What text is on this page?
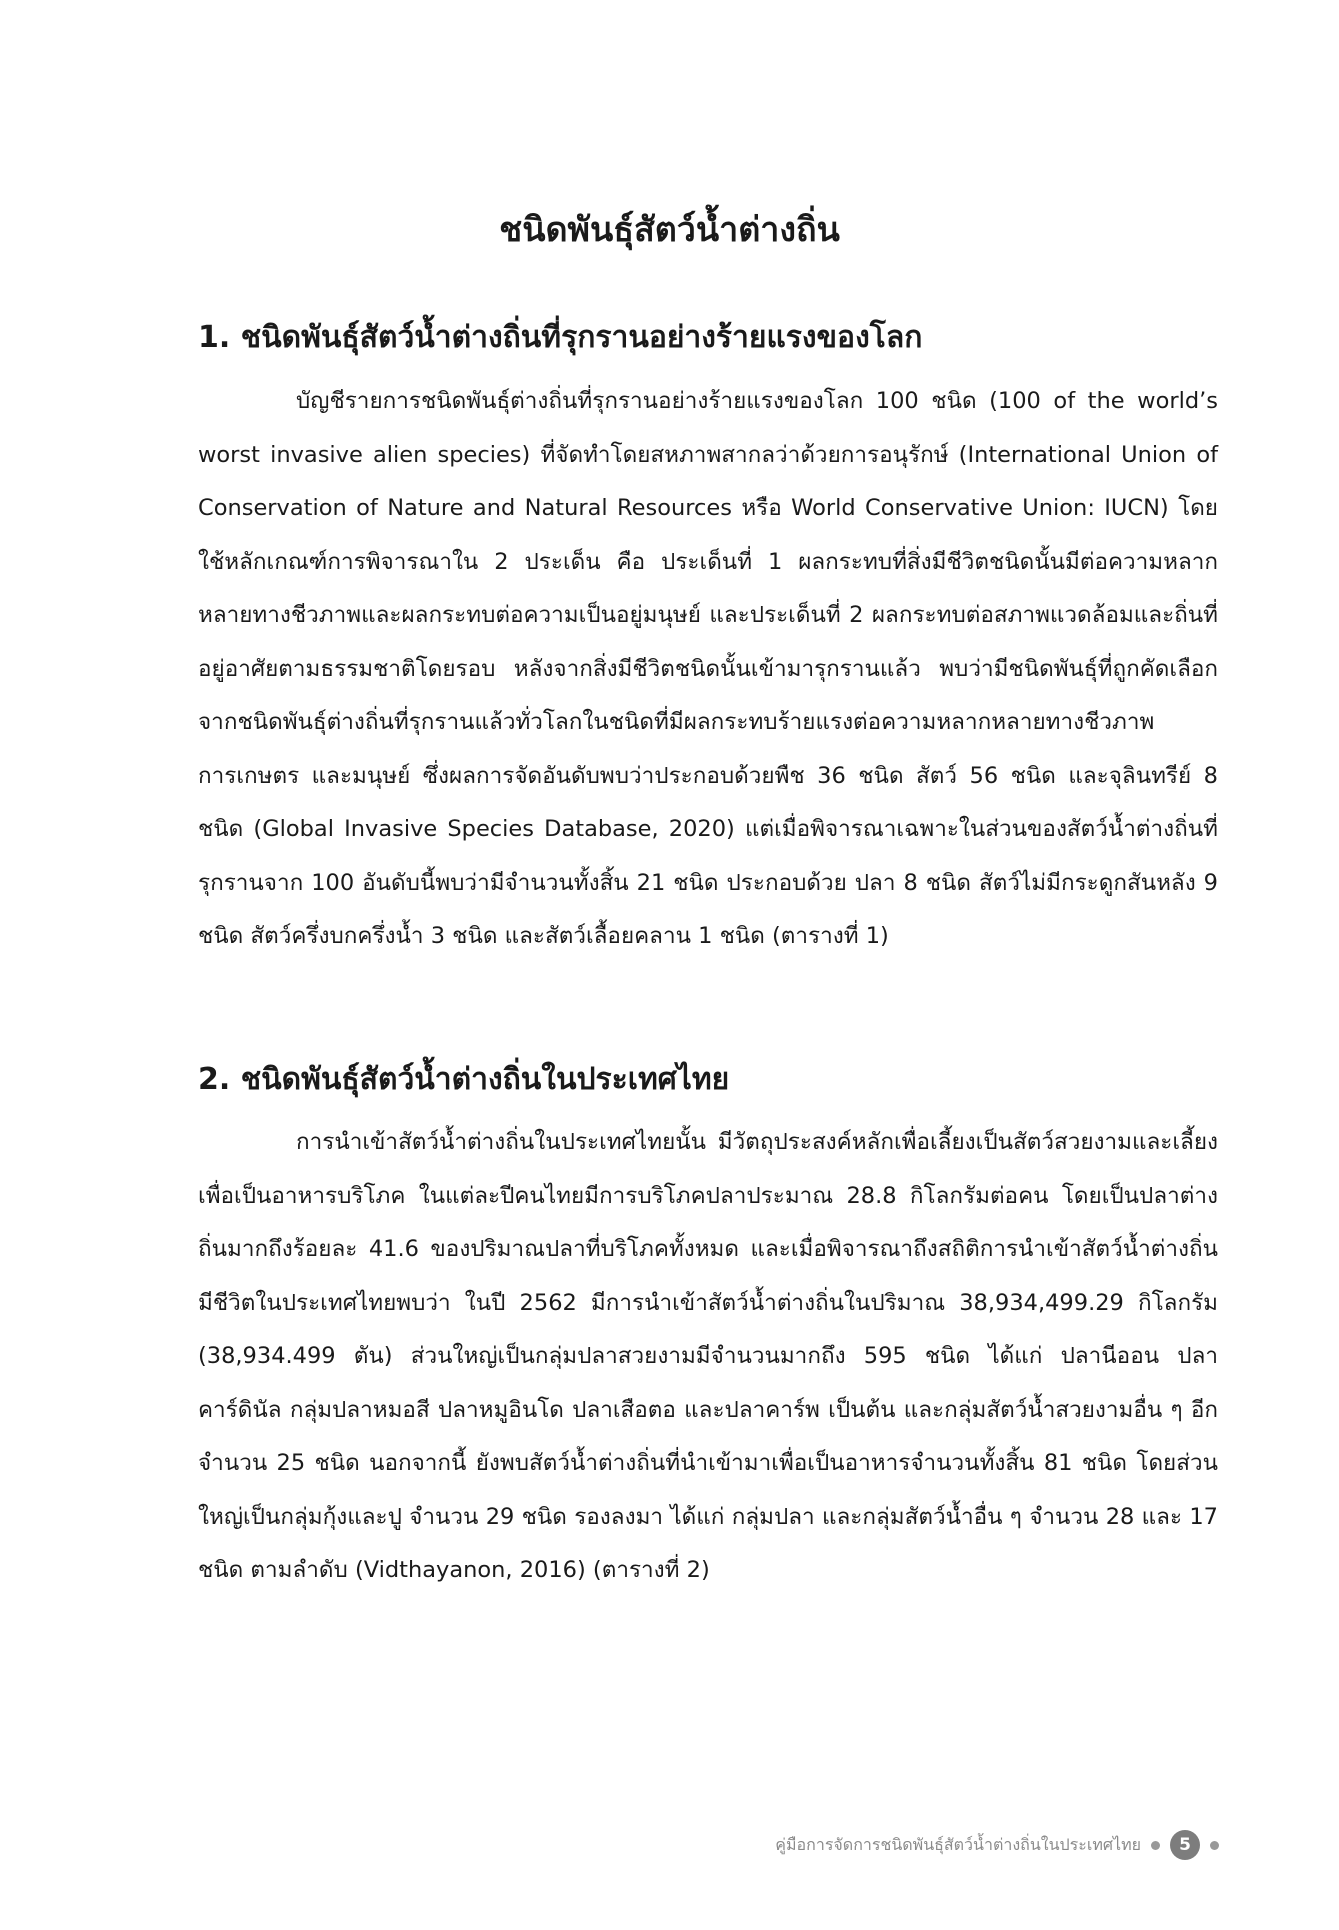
ชนิดพันธุ์สัตว์น้ำต่างถิ่น
1. ชนิดพันธุ์สัตว์น้ำต่างถิ่นที่รุกรานอย่างร้ายแรงของโลก

บัญชีรายการชนิดพันธุ์ต่างถิ่นที่รุกรานอย่างร้ายแรงของโลก 100 ชนิด (100 of the world’s worst invasive alien species) ที่จัดทำโดยสหภาพสากลว่าด้วยการอนุรักษ์ (International Union of Conservation of Nature and Natural Resources หรือ World Conservative Union: IUCN) โดยใช้หลักเกณฑ์การพิจารณาใน 2 ประเด็น คือ ประเด็นที่ 1 ผลกระทบที่สิ่งมีชีวิตชนิดนั้นมีต่อความหลากหลายทางชีวภาพและผลกระทบต่อความเป็นอยู่มนุษย์ และประเด็นที่ 2 ผลกระทบต่อสภาพแวดล้อมและถิ่นที่อยู่อาศัยตามธรรมชาติโดยรอบ หลังจากสิ่งมีชีวิตชนิดนั้นเข้ามารุกรานแล้ว พบว่ามีชนิดพันธุ์ที่ถูกคัดเลือกจากชนิดพันธุ์ต่างถิ่นที่รุกรานแล้วทั่วโลกในชนิดที่มีผลกระทบร้ายแรงต่อความหลากหลายทางชีวภาพ การเกษตร และมนุษย์ ซึ่งผลการจัดอันดับพบว่าประกอบด้วยพืช 36 ชนิด สัตว์ 56 ชนิด และจุลินทรีย์ 8 ชนิด (Global Invasive Species Database, 2020) แต่เมื่อพิจารณาเฉพาะในส่วนของสัตว์น้ำต่างถิ่นที่รุกรานจาก 100 อันดับนี้พบว่ามีจำนวนทั้งสิ้น 21 ชนิด ประกอบด้วย ปลา 8 ชนิด สัตว์ไม่มีกระดูกสันหลัง 9 ชนิด สัตว์ครึ่งบกครึ่งน้ำ 3 ชนิด และสัตว์เลื้อยคลาน 1 ชนิด (ตารางที่ 1)

2. ชนิดพันธุ์สัตว์น้ำต่างถิ่นในประเทศไทย

การนำเข้าสัตว์น้ำต่างถิ่นในประเทศไทยนั้น มีวัตถุประสงค์หลักเพื่อเลี้ยงเป็นสัตว์สวยงามและเลี้ยงเพื่อเป็นอาหารบริโภค ในแต่ละปีคนไทยมีการบริโภคปลาประมาณ 28.8 กิโลกรัมต่อคน โดยเป็นปลาต่างถิ่นมากถึงร้อยละ 41.6 ของปริมาณปลาที่บริโภคทั้งหมด และเมื่อพิจารณาถึงสถิติการนำเข้าสัตว์น้ำต่างถิ่นมีชีวิตในประเทศไทยพบว่า ในปี 2562 มีการนำเข้าสัตว์น้ำต่างถิ่นในปริมาณ 38,934,499.29 กิโลกรัม (38,934.499 ตัน) ส่วนใหญ่เป็นกลุ่มปลาสวยงามมีจำนวนมากถึง 595 ชนิด ได้แก่ ปลานีออน ปลาคาร์ดินัล กลุ่มปลาหมอสี ปลาหมูอินโด ปลาเสือตอ และปลาคาร์พ เป็นต้น และกลุ่มสัตว์น้ำสวยงามอื่น ๆ อีกจำนวน 25 ชนิด นอกจากนี้ ยังพบสัตว์น้ำต่างถิ่นที่นำเข้ามาเพื่อเป็นอาหารจำนวนทั้งสิ้น 81 ชนิด โดยส่วนใหญ่เป็นกลุ่มกุ้งและปู จำนวน 29 ชนิด รองลงมา ได้แก่ กลุ่มปลา และกลุ่มสัตว์น้ำอื่น ๆ จำนวน 28 และ 17 ชนิด ตามลำดับ (Vidthayanon, 2016) (ตารางที่ 2)

คู่มือการจัดการชนิดพันธุ์สัตว์น้ำต่างถิ่นในประเทศไทย	5
